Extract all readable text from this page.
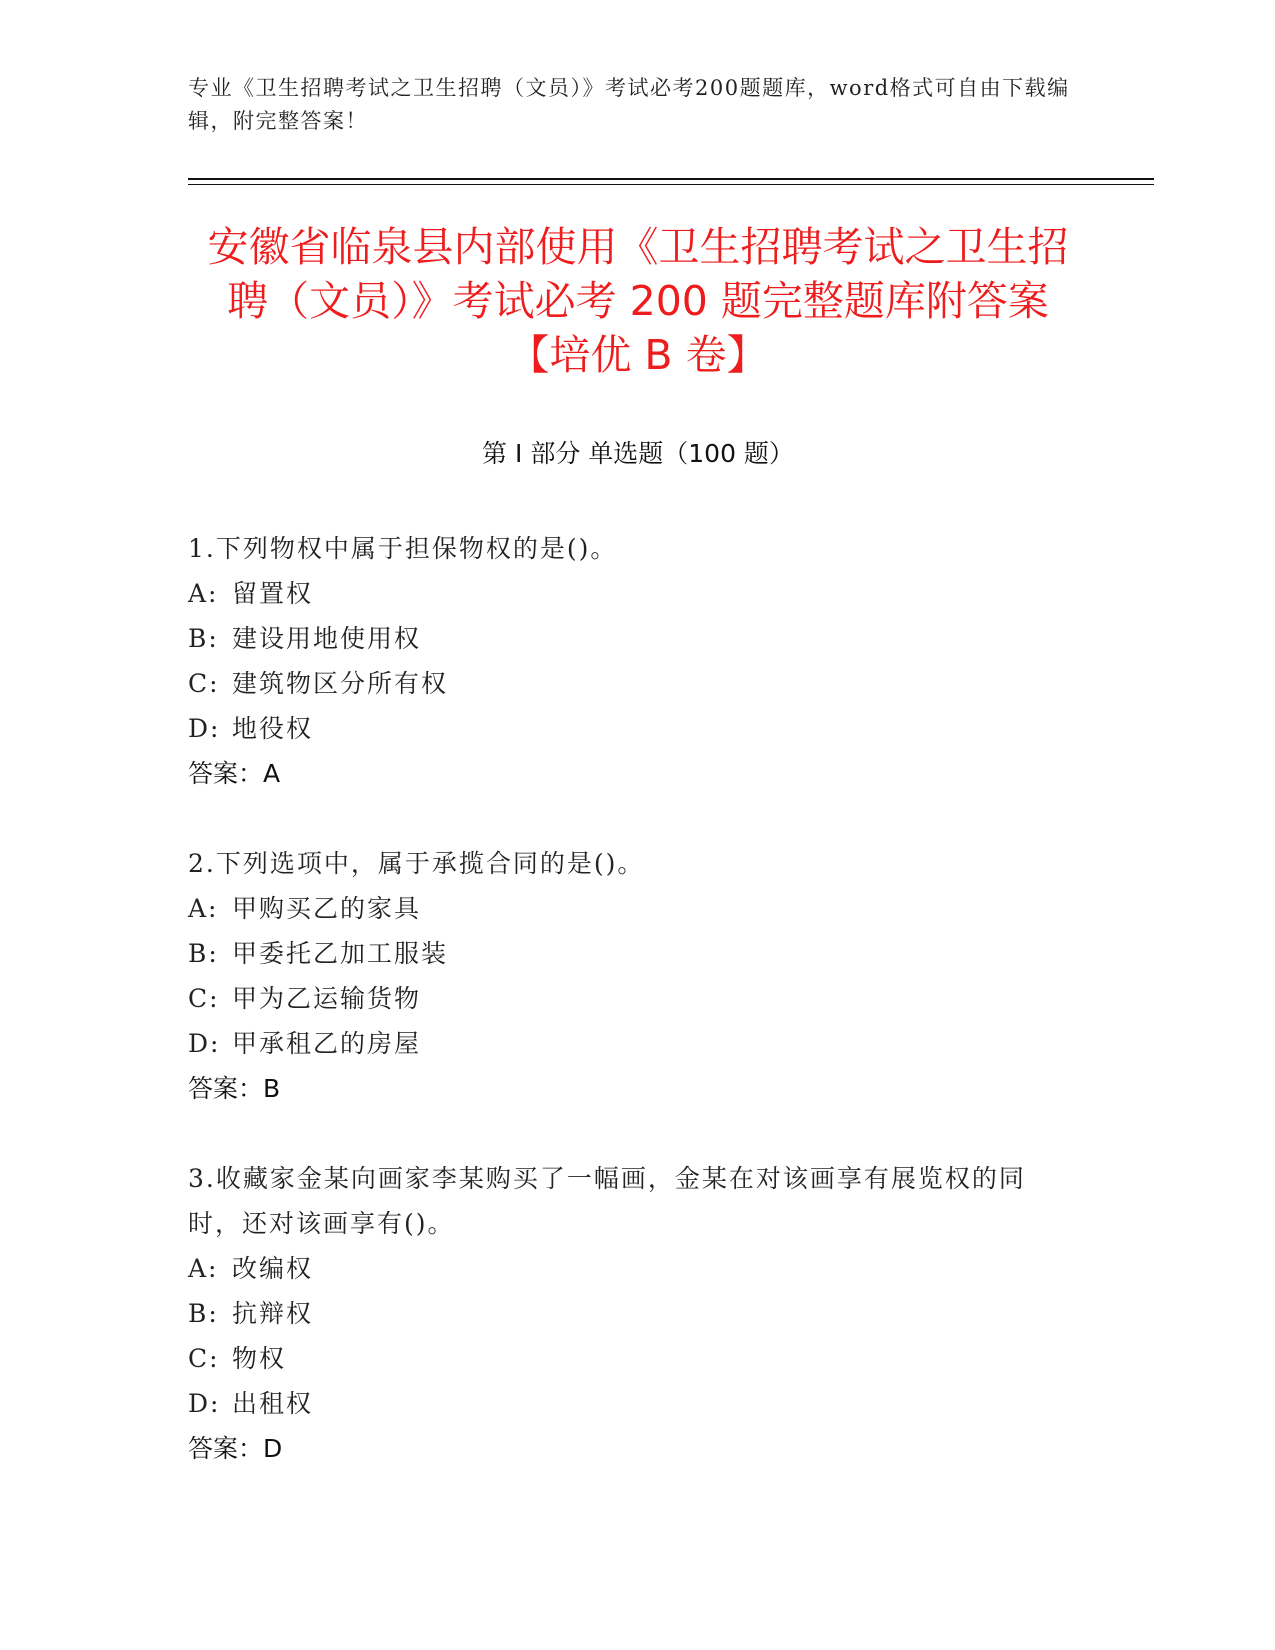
专业《卫生招聘考试之卫生招聘（文员）》考试必考200题题库，word格式可自由下载编辑，附完整答案！
安徽省临泉县内部使用《卫生招聘考试之卫生招聘（文员）》考试必考 200 题完整题库附答案【培优 B 卷】
第 I 部分 单选题（100 题）
1.下列物权中属于担保物权的是()。
A: 留置权
B: 建设用地使用权
C: 建筑物区分所有权
D: 地役权
答案：A
2.下列选项中，属于承揽合同的是()。
A: 甲购买乙的家具
B: 甲委托乙加工服装
C: 甲为乙运输货物
D: 甲承租乙的房屋
答案：B
3.收藏家金某向画家李某购买了一幅画，金某在对该画享有展览权的同时，还对该画享有()。
A: 改编权
B: 抗辩权
C: 物权
D: 出租权
答案：D
